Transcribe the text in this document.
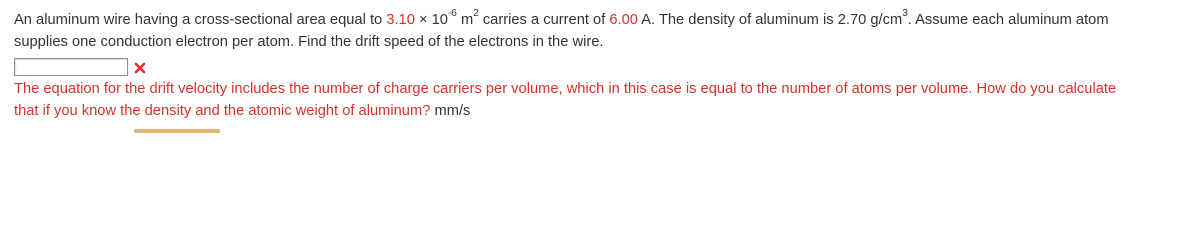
An aluminum wire having a cross-sectional area equal to $3.10 \times 10^{-6}$ $m^2$ carries a current of 6.00 A. The density of aluminum is 2.70 $g/cm^3$. Assume each aluminum atom
supplies one conduction electron per atom. Find the drift speed of the electrons in the wire.
The equation for the drift velocity includes the number of charge carriers per volume, which in this case is equal to the number of atoms per volume. How do you calculate
that if you know the density and the atomic weight of aluminum? mm/s
